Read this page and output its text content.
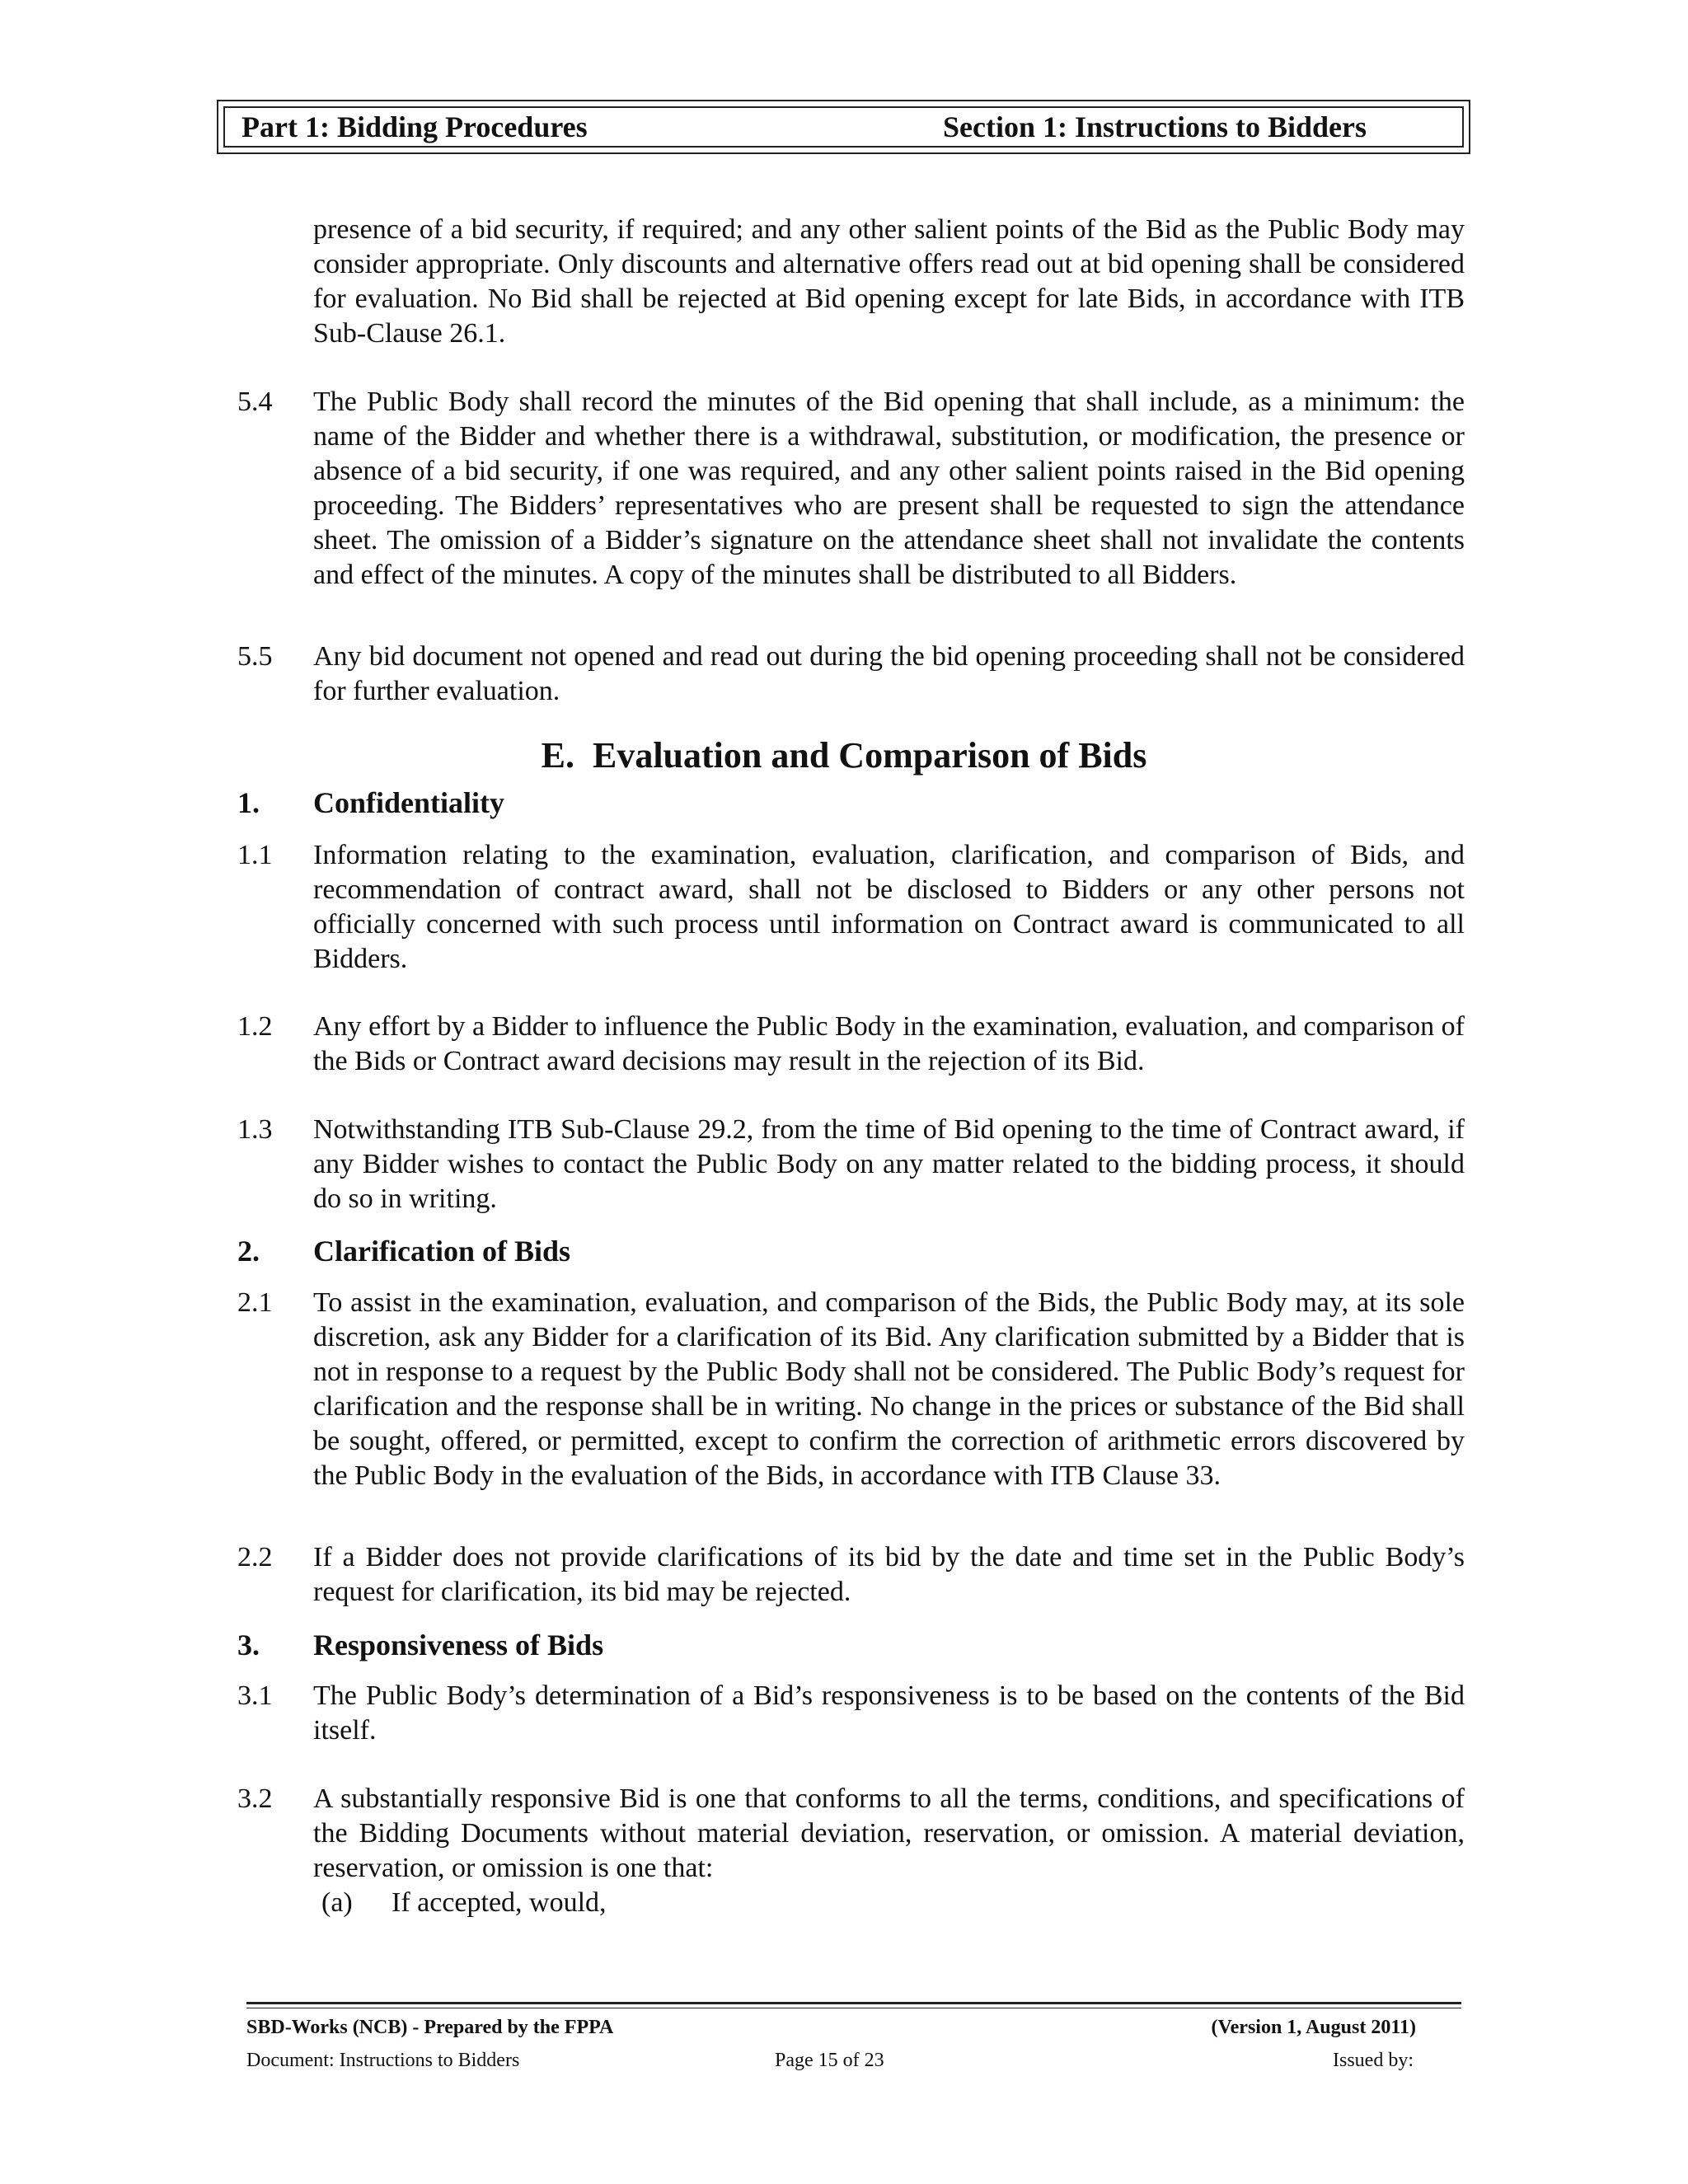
Part 1: Bidding Procedures	Section 1: Instructions to Bidders

presence of a bid security, if required; and any other salient points of the Bid as the Public Body may consider appropriate. Only discounts and alternative offers read out at bid opening shall be considered for evaluation. No Bid shall be rejected at Bid opening except for late Bids, in accordance with ITB Sub-Clause 26.1.

5.4 The Public Body shall record the minutes of the Bid opening that shall include, as a minimum: the name of the Bidder and whether there is a withdrawal, substitution, or modification, the presence or absence of a bid security, if one was required, and any other salient points raised in the Bid opening proceeding. The Bidders’ representatives who are present shall be requested to sign the attendance sheet. The omission of a Bidder’s signature on the attendance sheet shall not invalidate the contents and effect of the minutes. A copy of the minutes shall be distributed to all Bidders.

5.5 Any bid document not opened and read out during the bid opening proceeding shall not be considered for further evaluation.

E. Evaluation and Comparison of Bids
1. Confidentiality
1.1 Information relating to the examination, evaluation, clarification, and comparison of Bids, and recommendation of contract award, shall not be disclosed to Bidders or any other persons not officially concerned with such process until information on Contract award is communicated to all Bidders.

1.2 Any effort by a Bidder to influence the Public Body in the examination, evaluation, and comparison of the Bids or Contract award decisions may result in the rejection of its Bid.

1.3 Notwithstanding ITB Sub-Clause 29.2, from the time of Bid opening to the time of Contract award, if any Bidder wishes to contact the Public Body on any matter related to the bidding process, it should do so in writing.

2. Clarification of Bids
2.1 To assist in the examination, evaluation, and comparison of the Bids, the Public Body may, at its sole discretion, ask any Bidder for a clarification of its Bid. Any clarification submitted by a Bidder that is not in response to a request by the Public Body shall not be considered. The Public Body’s request for clarification and the response shall be in writing. No change in the prices or substance of the Bid shall be sought, offered, or permitted, except to confirm the correction of arithmetic errors discovered by the Public Body in the evaluation of the Bids, in accordance with ITB Clause 33.

2.2 If a Bidder does not provide clarifications of its bid by the date and time set in the Public Body’s request for clarification, its bid may be rejected.

3. Responsiveness of Bids
3.1 The Public Body’s determination of a Bid’s responsiveness is to be based on the contents of the Bid itself.

3.2 A substantially responsive Bid is one that conforms to all the terms, conditions, and specifications of the Bidding Documents without material deviation, reservation, or omission. A material deviation, reservation, or omission is one that:

(a) If accepted, would,
SBD-Works (NCB) - Prepared by the FPPA	(Version 1, August 2011)
Document: Instructions to Bidders	Page 15 of 23	Issued by:
